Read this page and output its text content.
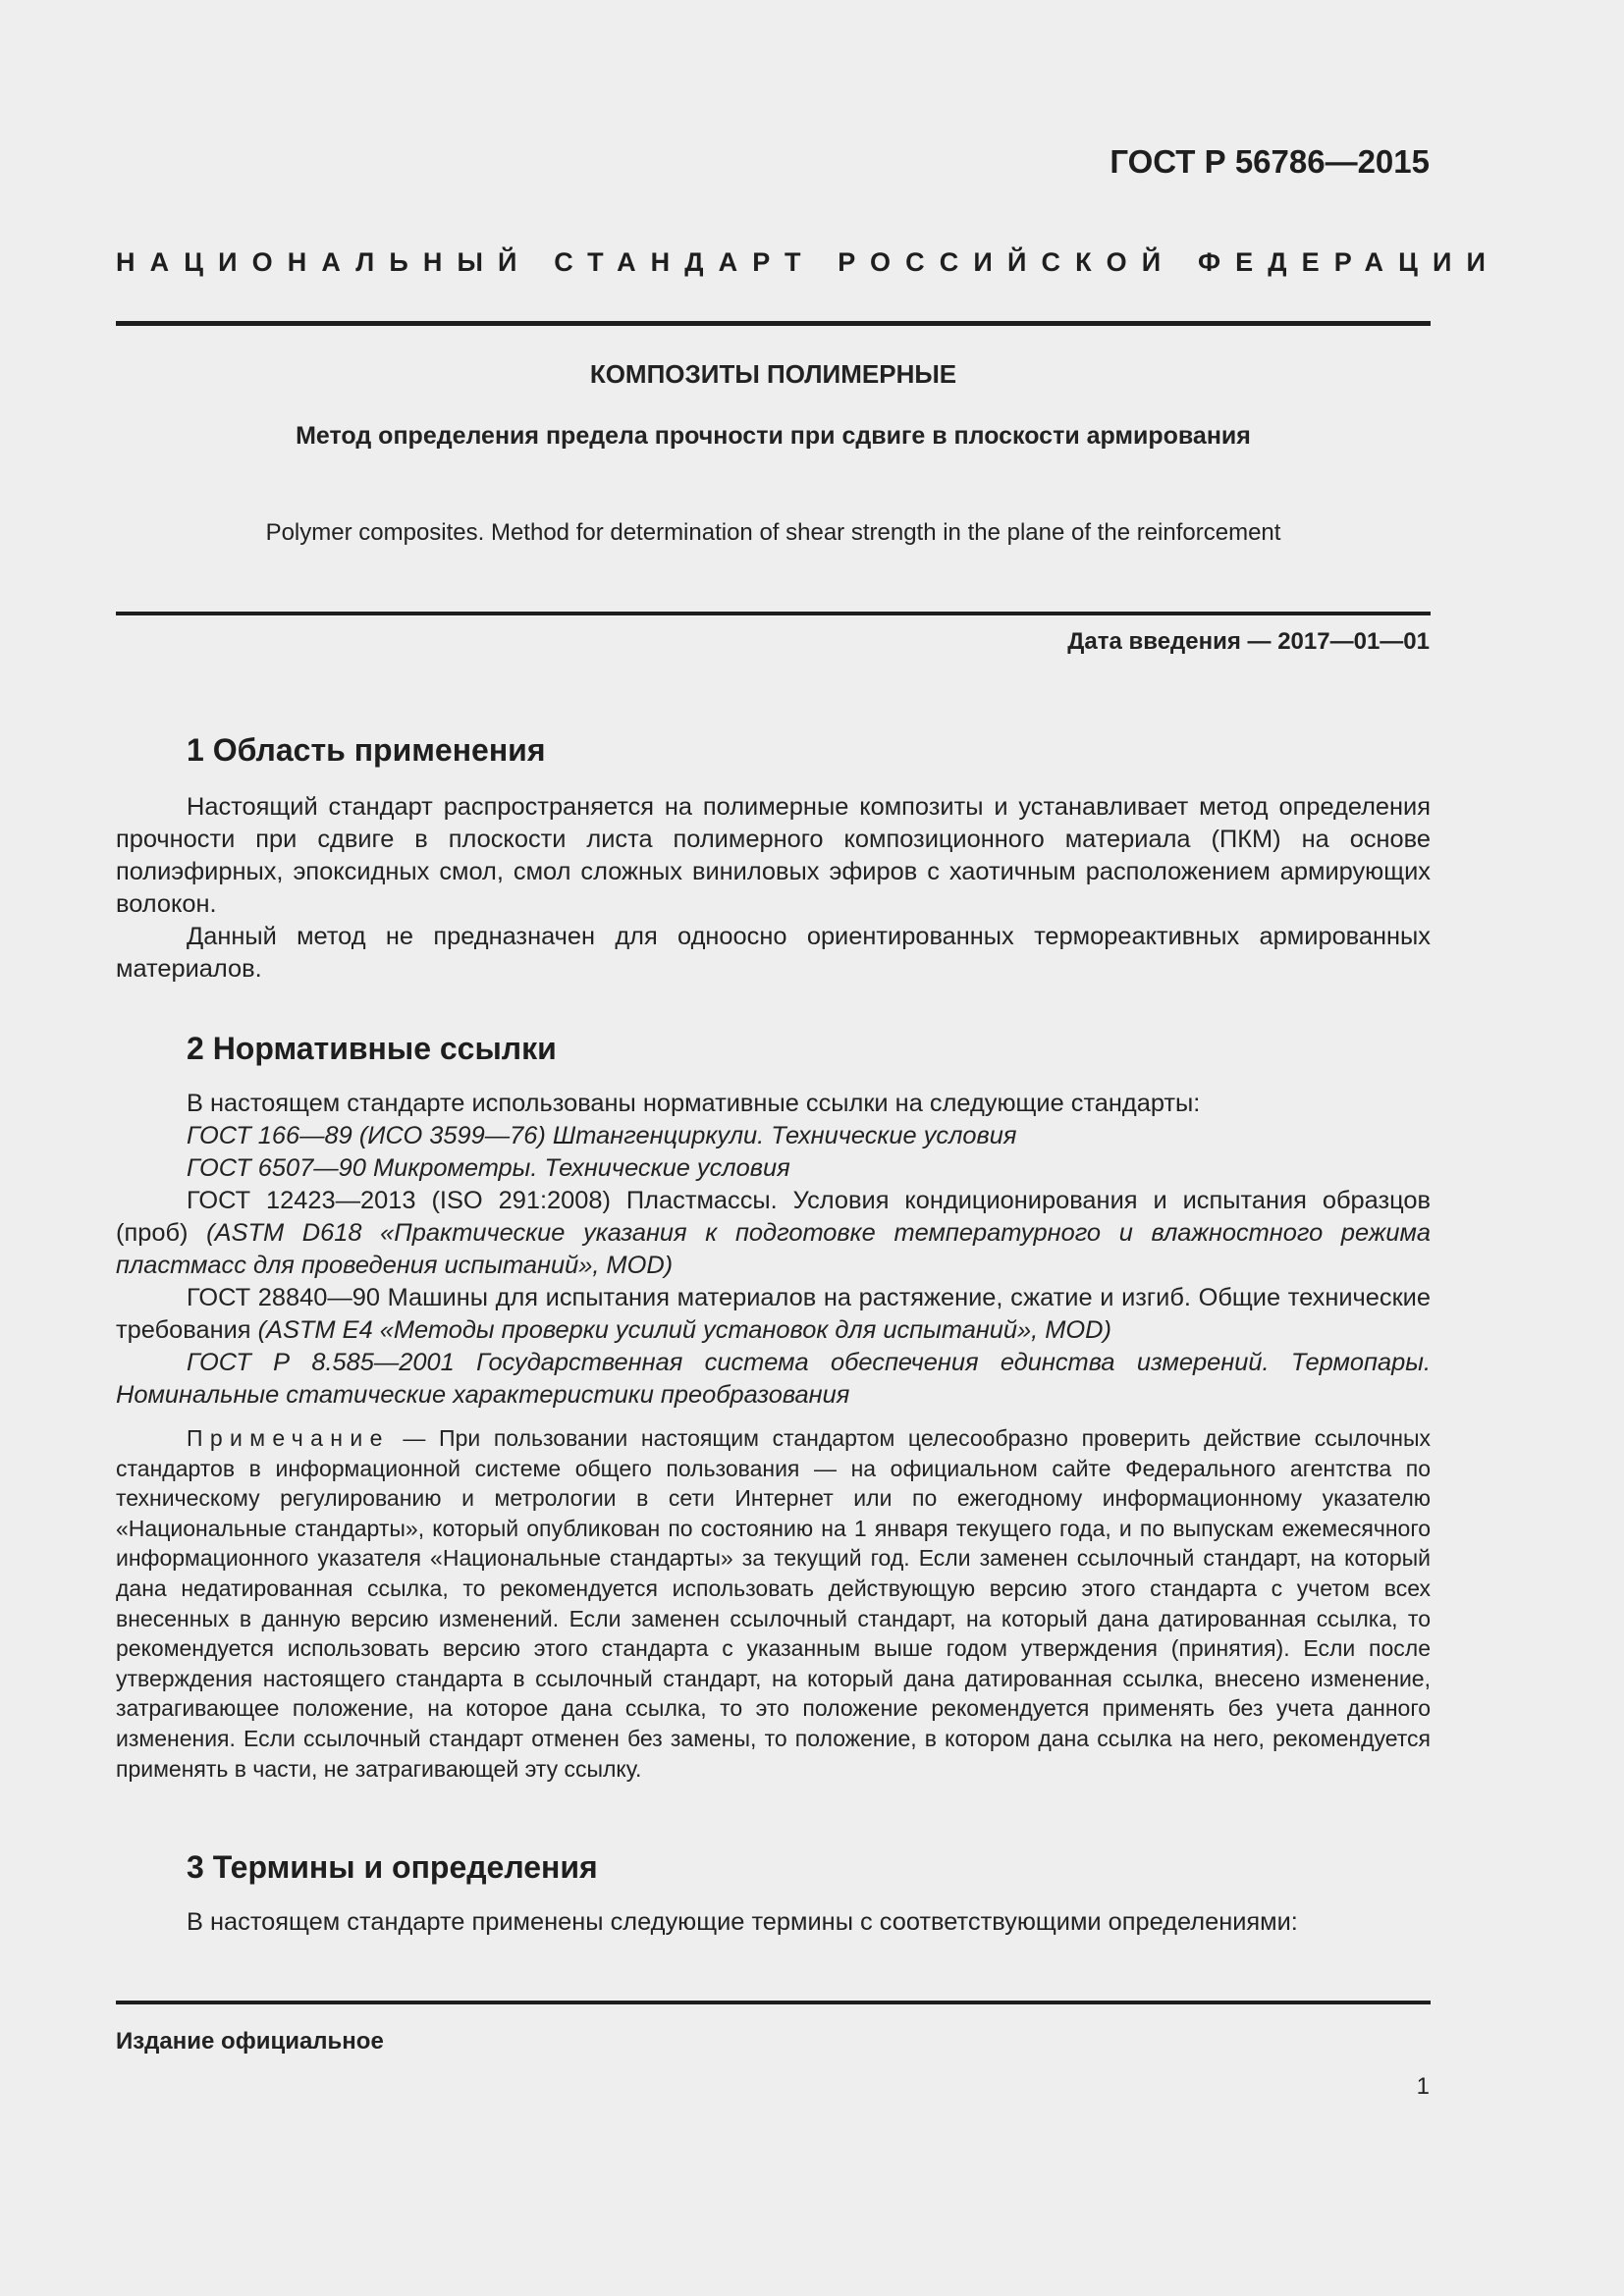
ГОСТ Р 56786—2015
НАЦИОНАЛЬНЫЙ СТАНДАРТ РОССИЙСКОЙ ФЕДЕРАЦИИ
КОМПОЗИТЫ ПОЛИМЕРНЫЕ
Метод определения предела прочности при сдвиге в плоскости армирования
Polymer composites. Method for determination of shear strength in the plane of the reinforcement
Дата введения — 2017—01—01
1 Область применения

Настоящий стандарт распространяется на полимерные композиты и устанавливает метод определения прочности при сдвиге в плоскости листа полимерного композиционного материала (ПКМ) на основе полиэфирных, эпоксидных смол, смол сложных виниловых эфиров с хаотичным расположением армирующих волокон.

Данный метод не предназначен для одноосно ориентированных термореактивных армированных материалов.

2 Нормативные ссылки

В настоящем стандарте использованы нормативные ссылки на следующие стандарты:

ГОСТ 166—89 (ИСО 3599—76) Штангенциркули. Технические условия

ГОСТ 6507—90 Микрометры. Технические условия

ГОСТ 12423—2013 (ISO 291:2008) Пластмассы. Условия кондиционирования и испытания образцов (проб) (ASTM D618 «Практические указания к подготовке температурного и влажностного режима пластмасс для проведения испытаний», MOD)

ГОСТ 28840—90 Машины для испытания материалов на растяжение, сжатие и изгиб. Общие технические требования (ASTM E4 «Методы проверки усилий установок для испытаний», MOD)

ГОСТ Р 8.585—2001 Государственная система обеспечения единства измерений. Термопары. Номинальные статические характеристики преобразования

Примечание — При пользовании настоящим стандартом целесообразно проверить действие ссылочных стандартов в информационной системе общего пользования — на официальном сайте Федерального агентства по техническому регулированию и метрологии в сети Интернет или по ежегодному информационному указателю «Национальные стандарты», который опубликован по состоянию на 1 января текущего года, и по выпускам ежемесячного информационного указателя «Национальные стандарты» за текущий год. Если заменен ссылочный стандарт, на который дана недатированная ссылка, то рекомендуется использовать действующую версию этого стандарта с учетом всех внесенных в данную версию изменений. Если заменен ссылочный стандарт, на который дана датированная ссылка, то рекомендуется использовать версию этого стандарта с указанным выше годом утверждения (принятия). Если после утверждения настоящего стандарта в ссылочный стандарт, на который дана датированная ссылка, внесено изменение, затрагивающее положение, на которое дана ссылка, то это положение рекомендуется применять без учета данного изменения. Если ссылочный стандарт отменен без замены, то положение, в котором дана ссылка на него, рекомендуется применять в части, не затрагивающей эту ссылку.

3 Термины и определения

В настоящем стандарте применены следующие термины с соответствующими определениями:

Издание официальное
1
